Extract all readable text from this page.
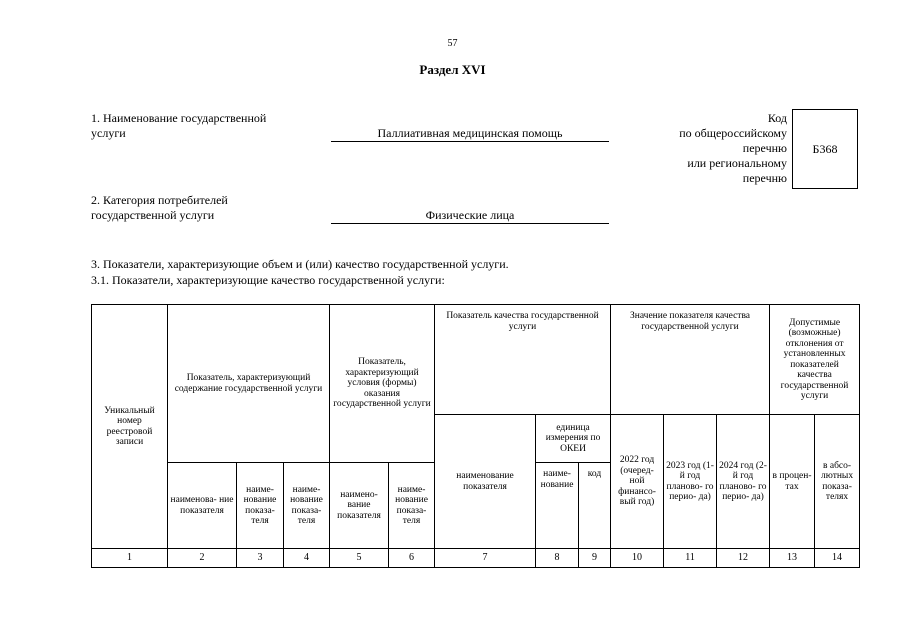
57
Раздел XVI
1. Наименование государственной
услуги	Паллиативная медицинская помощь
Код
по общероссийскому
перечню
или региональному
перечню
Б368
2. Категория потребителей
государственной услуги	Физические лица
3. Показатели, характеризующие объем и (или) качество государственной услуги.
3.1. Показатели, характеризующие качество государственной услуги:
Уникальный номер реестровой записи	Показатель, характеризующий содержание государственной услуги			Показатель, характеризующий условия (формы) оказания государственной услуги		Показатель качества государственной услуги			Значение показателя качества государственной услуги			Допустимые (возможные) отклонения от установленных показателей качества государственной услуги	
						наименование показателя	единица измерения по ОКЕИ		2022 год (очеред- ной финансо- вый год)	2023 год (1-й год планово- го перио- да)	2024 год (2-й год планово- го перио- да)	в процен- тах	в абсо- лютных показа- телях
	наименова- ние показателя	наиме- нование показа- теля	наиме- нование показа- теля	наимено- вание показателя	наиме- нование показа- теля		наиме- нование	код					
1	2	3	4	5	6	7	8	9	10	11	12	13	14
